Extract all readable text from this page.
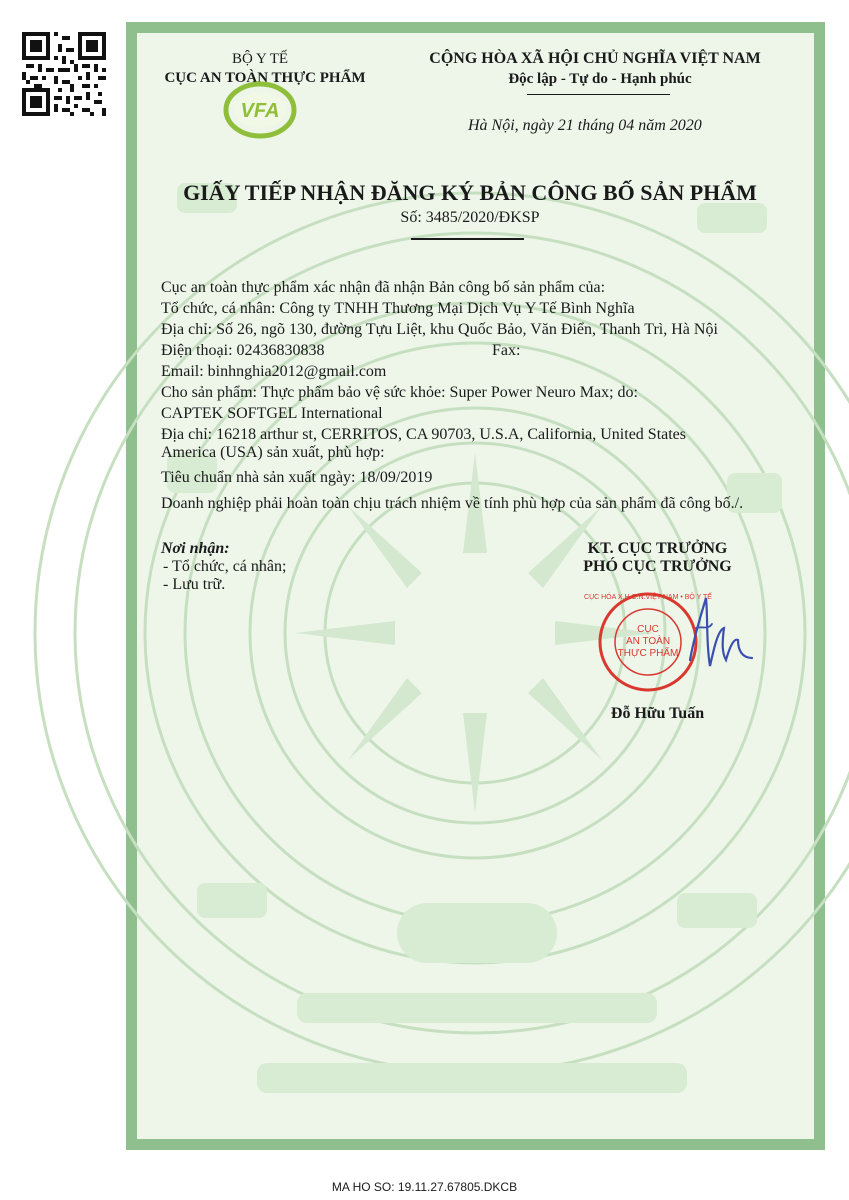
BỘ Y TẾ
CỤC AN TOÀN THỰC PHẨM
CỘNG HÒA XÃ HỘI CHỦ NGHĨA VIỆT NAM
Độc lập - Tự do - Hạnh phúc
VFA
Hà Nội, ngày 21 tháng 04 năm 2020
GIẤY TIẾP NHẬN ĐĂNG KÝ BẢN CÔNG BỐ SẢN PHẨM
Số: 3485/2020/ĐKSP
Cục an toàn thực phẩm xác nhận đã nhận Bản công bố sản phẩm của:
Tổ chức, cá nhân: Công ty TNHH Thương Mại Dịch Vụ Y Tế Bình Nghĩa
Địa chỉ: Số 26, ngõ 130, đường Tựu Liệt, khu Quốc Bảo, Văn Điển, Thanh Trì, Hà Nội
Điện thoại: 02436830838	Fax:
Email: binhnghia2012@gmail.com
Cho sản phẩm: Thực phẩm bảo vệ sức khỏe: Super Power Neuro Max; do:
CAPTEK SOFTGEL International
Địa chỉ: 16218 arthur st, CERRITOS, CA 90703, U.S.A, California, United States
America (USA) sản xuất, phù hợp:
Tiêu chuẩn nhà sản xuất ngày: 18/09/2019
Doanh nghiệp phải hoàn toàn chịu trách nhiệm về tính phù hợp của sản phẩm đã công bố./.
Nơi nhận:
- Tổ chức, cá nhân;
- Lưu trữ.
KT. CỤC TRƯỞNG
PHÓ CỤC TRƯỞNG
CỤC HÓA X.H.C.N.VIỆT NAM • BỘ Y TẾ
CỤC
AN TOÀN
THỰC PHẨM
Đỗ Hữu Tuấn
MA HO SO: 19.11.27.67805.DKCB
